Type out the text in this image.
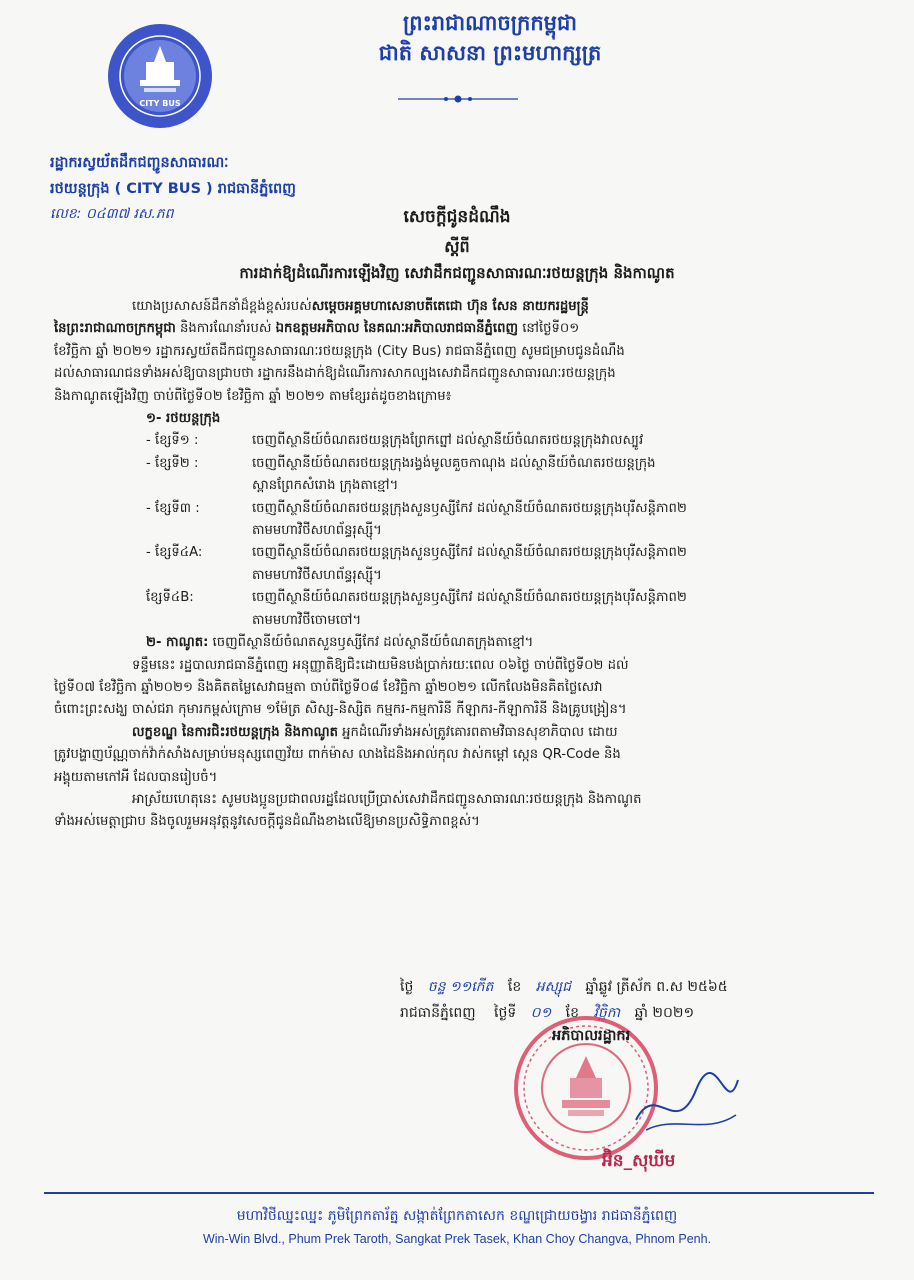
CITY BUS
ព្រះរាជាណាចក្រកម្ពុជា
ជាតិ សាសនា ព្រះមហាក្សត្រ
រដ្ឋាករស្វយ័តដឹកជញ្ជូនសាធារណៈ
រថយន្តក្រុង ( CITY BUS ) រាជធានីភ្នំពេញ
លេខ: ០៤៣៧ រស.ភព	សេចក្តីជូនដំណឹង
ស្តីពី
ការដាក់ឱ្យដំណើរការឡើងវិញ សេវាដឹកជញ្ជូនសាធារណៈរថយន្តក្រុង និងកាណូត

យោងប្រសាសន៍ដឹកនាំដ៏ខ្ពង់ខ្ពស់របស់សម្តេចអគ្គមហាសេនាបតីតេជោ ហ៊ុន សែន នាយករដ្ឋមន្ត្រី

នៃព្រះរាជាណាចក្រកម្ពុជា និងការណែនាំរបស់ ឯកឧត្តមអភិបាល នៃគណៈអភិបាលរាជធានីភ្នំពេញ នៅថ្ងៃទី០១

ខែវិច្ឆិកា ឆ្នាំ ២០២១ រដ្ឋាករស្វយ័តដឹកជញ្ជូនសាធារណៈរថយន្តក្រុង (City Bus) រាជធានីភ្នំពេញ សូមជម្រាបជូនដំណឹង

ដល់សាធារណជនទាំងអស់ឱ្យបានជ្រាបថា រដ្ឋាករនឹងដាក់ឱ្យដំណើរការសាកល្បងសេវាដឹកជញ្ជូនសាធារណៈរថយន្តក្រុង

និងកាណូតឡើងវិញ ចាប់ពីថ្ងៃទី០២ ខែវិច្ឆិកា ឆ្នាំ ២០២១ តាមខ្សែរត់ដូចខាងក្រោម៖

១- រថយន្តក្រុង

- ខ្សែទី១ :	ចេញពីស្ថានីយ៍ចំណតរថយន្តក្រុងព្រែកព្នៅ ដល់ស្ថានីយ៍ចំណតរថយន្តក្រុងវាលស្បូវ
- ខ្សែទី២ :	ចេញពីស្ថានីយ៍ចំណតរថយន្តក្រុងរង្វង់មូលគួចកាណុង ដល់ស្ថានីយ៍ចំណតរថយន្តក្រុង
ស្ពានព្រែកសំរោង ក្រុងតាខ្មៅ។
- ខ្សែទី៣ :	ចេញពីស្ថានីយ៍ចំណតរថយន្តក្រុងសួនឫស្សីកែវ ដល់ស្ថានីយ៍ចំណតរថយន្តក្រុងបុរីសន្តិភាព២
តាមមហាវិថីសហព័ន្ធរុស្ស៊ី។
- ខ្សែទី៤A:	ចេញពីស្ថានីយ៍ចំណតរថយន្តក្រុងសួនឫស្សីកែវ ដល់ស្ថានីយ៍ចំណតរថយន្តក្រុងបុរីសន្តិភាព២
តាមមហាវិថីសហព័ន្ធរុស្ស៊ី។
ខ្សែទី៤B:	ចេញពីស្ថានីយ៍ចំណតរថយន្តក្រុងសួនឫស្សីកែវ ដល់ស្ថានីយ៍ចំណតរថយន្តក្រុងបុរីសន្តិភាព២
តាមមហាវិថីចោមចៅ។

២- កាណូត: ចេញពីស្ថានីយ៍ចំណតសួនឫស្សីកែវ ដល់ស្ថានីយ៍ចំណតក្រុងតាខ្មៅ។

ទន្ទឹមនេះ រដ្ឋបាលរាជធានីភ្នំពេញ អនុញ្ញាតិឱ្យជិះដោយមិនបង់ប្រាក់រយៈពេល ០៦ថ្ងៃ ចាប់ពីថ្ងៃទី០២ ដល់

ថ្ងៃទី០៧ ខែវិច្ឆិកា ឆ្នាំ២០២១ និងគិតតម្លៃសេវាធម្មតា ចាប់ពីថ្ងៃទី០៨ ខែវិច្ឆិកា ឆ្នាំ២០២១ លើកលែងមិនគិតថ្លៃសេវា

ចំពោះព្រះសង្ឃ ចាស់ជរា កុមារកម្ពស់ក្រោម ១ម៉ែត្រ សិស្ស-និស្សិត កម្មករ-កម្មការិនី កីឡាករ-កីឡាការិនី និងគ្រូបង្រៀន។

លក្ខខណ្ឌ នៃការជិះរថយន្តក្រុង និងកាណូត អ្នកដំណើរទាំងអស់ត្រូវគោរពតាមវិធានសុខាភិបាល ដោយ

ត្រូវបង្ហាញប័ណ្ណចាក់វ៉ាក់សាំងសម្រាប់មនុស្សពេញវ័យ ពាក់ម៉ាស លាងដៃនិងអាល់កុល វាស់កម្តៅ ស្កេន QR-Code និង

អង្គុយតាមកៅអី ដែលបានរៀបចំ។

អាស្រ័យហេតុនេះ សូមបងប្អូនប្រជាពលរដ្ឋដែលប្រើប្រាស់សេវាដឹកជញ្ជូនសាធារណៈរថយន្តក្រុង និងកាណូត

ទាំងអស់មេត្តាជ្រាប និងចូលរួមអនុវត្តនូវសេចក្តីជូនដំណឹងខាងលើឱ្យមានប្រសិទ្ធិភាពខ្ពស់។

ថ្ងៃ ចន្ទ ១១កេីត ខែ អស្សុជ ឆ្នាំឆ្លូវ ត្រីស័ក ព.ស ២៥៦៥
រាជធានីភ្នំពេញ ថ្ងៃទី ០១ ខែ វិច្ឆិកា ឆ្នាំ ២០២១
អភិបាលរដ្ឋាករ
អ៊ិន_សុឃីម
មហាវិថីឈ្នះឈ្នះ ភូមិព្រែកតារ័ត្ន សង្កាត់ព្រែកតាសេក ខណ្ឌជ្រោយចង្វារ រាជធានីភ្នំពេញ
Win-Win Blvd., Phum Prek Taroth, Sangkat Prek Tasek, Khan Choy Changva, Phnom Penh.
